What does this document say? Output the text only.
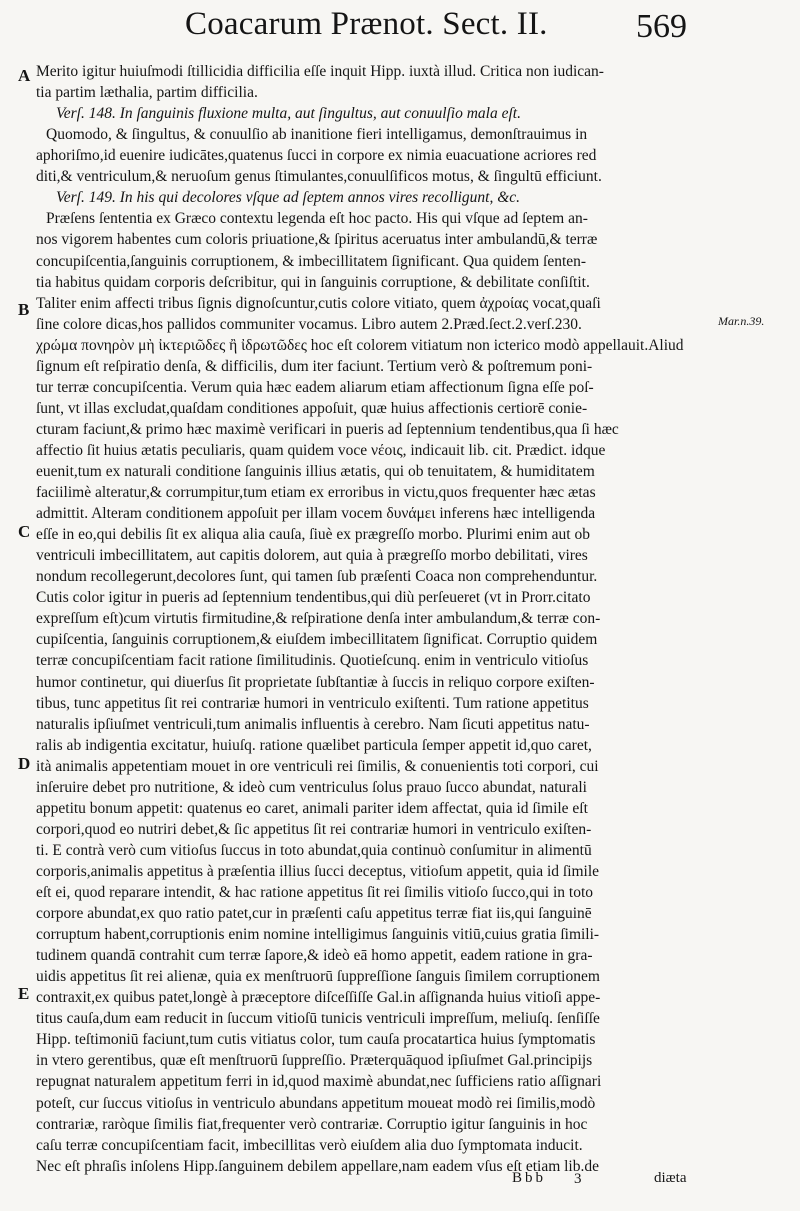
Coacarum Prænot. Sect. II.	569
A
B
C
D
E
Mar.n.39.
Merito igitur huiuſmodi ſtillicidia difficilia eſſe inquit Hipp. iuxtà illud. Critica non iudican-
tia partim læthalia, partim difficilia.
Verſ. 148. In ſanguinis fluxione multa, aut ſingultus, aut conuulſio mala eſt.
Quomodo, & ſingultus, & conuulſio ab inanitione fieri intelligamus, demonſtrauimus in
aphoriſmo,id euenire iudicātes,quatenus ſucci in corpore ex nimia euacuatione acriores red
diti,& ventriculum,& neruoſum genus ſtimulantes,conuulſificos motus, & ſingultū efficiunt.
Verſ. 149. In his qui decolores vſque ad ſeptem annos vires recolligunt, &c.
Præſens ſententia ex Græco contextu legenda eſt hoc pacto. His qui vſque ad ſeptem an-
nos vigorem habentes cum coloris priuatione,& ſpiritus aceruatus inter ambulandū,& terræ
concupiſcentia,ſanguinis corruptionem, & imbecillitatem ſignificant. Qua quidem ſenten-
tia habitus quidam corporis deſcribitur, qui in ſanguinis corruptione, & debilitate conſiſtit.
Taliter enim affecti tribus ſignis dignoſcuntur,cutis colore vitiato, quem ἀχροίας vocat,quaſi
ſine colore dicas,hos pallidos communiter vocamus. Libro autem 2.Præd.ſect.2.verſ.230.
χρώμα πονηρὸν μὴ ἰκτεριῶδες ἢ ἰδρωτῶδες hoc eſt colorem vitiatum non icterico modò appellauit.Aliud
ſignum eſt reſpiratio denſa, & difficilis, dum iter faciunt. Tertium verò & poſtremum poni-
tur terræ concupiſcentia. Verum quia hæc eadem aliarum etiam affectionum ſigna eſſe poſ-
ſunt, vt illas excludat,quaſdam conditiones appoſuit, quæ huius affectionis certiorē conie-
cturam faciunt,& primo hæc maximè verificari in pueris ad ſeptennium tendentibus,qua ſi hæc
affectio ſit huius ætatis peculiaris, quam quidem voce νέοις, indicauit lib. cit. Prædict. idque
euenit,tum ex naturali conditione ſanguinis illius ætatis, qui ob tenuitatem, & humiditatem
faciilimè alteratur,& corrumpitur,tum etiam ex erroribus in victu,quos frequenter hæc ætas
admittit. Alteram conditionem appoſuit per illam vocem δυνάμει inferens hæc intelligenda
eſſe in eo,qui debilis ſit ex aliqua alia cauſa, ſiuè ex prægreſſo morbo. Plurimi enim aut ob
ventriculi imbecillitatem, aut capitis dolorem, aut quia à prægreſſo morbo debilitati, vires
nondum recollegerunt,decolores ſunt, qui tamen ſub præſenti Coaca non comprehenduntur.
Cutis color igitur in pueris ad ſeptennium tendentibus,qui diù perſeueret (vt in Prorr.citato
expreſſum eſt)cum virtutis firmitudine,& reſpiratione denſa inter ambulandum,& terræ con-
cupiſcentia, ſanguinis corruptionem,& eiuſdem imbecillitatem ſignificat. Corruptio quidem
terræ concupiſcentiam facit ratione ſimilitudinis. Quotieſcunq. enim in ventriculo vitioſus
humor continetur, qui diuerſus ſit proprietate ſubſtantiæ à ſuccis in reliquo corpore exiſten-
tibus, tunc appetitus ſit rei contrariæ humori in ventriculo exiſtenti. Tum ratione appetitus
naturalis ipſiuſmet ventriculi,tum animalis influentis à cerebro. Nam ſicuti appetitus natu-
ralis ab indigentia excitatur, huiuſq. ratione quælibet particula ſemper appetit id,quo caret,
ità animalis appetentiam mouet in ore ventriculi rei ſimilis, & conuenientis toti corpori, cui
inſeruire debet pro nutritione, & ideò cum ventriculus ſolus prauo ſucco abundat, naturali
appetitu bonum appetit: quatenus eo caret, animali pariter idem affectat, quia id ſimile eſt
corpori,quod eo nutriri debet,& ſic appetitus ſit rei contrariæ humori in ventriculo exiſten-
ti. E contrà verò cum vitioſus ſuccus in toto abundat,quia continuò conſumitur in alimentū
corporis,animalis appetitus à præſentia illius ſucci deceptus, vitioſum appetit, quia id ſimile
eſt ei, quod reparare intendit, & hac ratione appetitus ſit rei ſimilis vitioſo ſucco,qui in toto
corpore abundat,ex quo ratio patet,cur in præſenti caſu appetitus terræ fiat iis,qui ſanguinē
corruptum habent,corruptionis enim nomine intelligimus ſanguinis vitiū,cuius gratia ſimili-
tudinem quandā contrahit cum terræ ſapore,& ideò eā homo appetit, eadem ratione in gra-
uidis appetitus ſit rei alienæ, quia ex menſtruorū ſuppreſſione ſanguis ſimilem corruptionem
contraxit,ex quibus patet,longè à præceptore diſceſſiſſe Gal.in aſſignanda huius vitioſi appe-
titus cauſa,dum eam reducit in ſuccum vitioſū tunicis ventriculi impreſſum, meliuſq. ſenſiſſe
Hipp. teſtimoniū faciunt,tum cutis vitiatus color, tum cauſa procatartica huius ſymptomatis
in vtero gerentibus, quæ eſt menſtruorū ſuppreſſio. Præterquāquod ipſiuſmet Gal.principijs
repugnat naturalem appetitum ferri in id,quod maximè abundat,nec ſufficiens ratio aſſignari
poteſt, cur ſuccus vitioſus in ventriculo abundans appetitum moueat modò rei ſimilis,modò
contrariæ, raròque ſimilis fiat,frequenter verò contrariæ. Corruptio igitur ſanguinis in hoc
caſu terræ concupiſcentiam facit, imbecillitas verò eiuſdem alia duo ſymptomata inducit.
Nec eſt phraſis inſolens Hipp.ſanguinem debilem appellare,nam eadem vſus eſt etiam lib.de
Bbb 3	diæta
